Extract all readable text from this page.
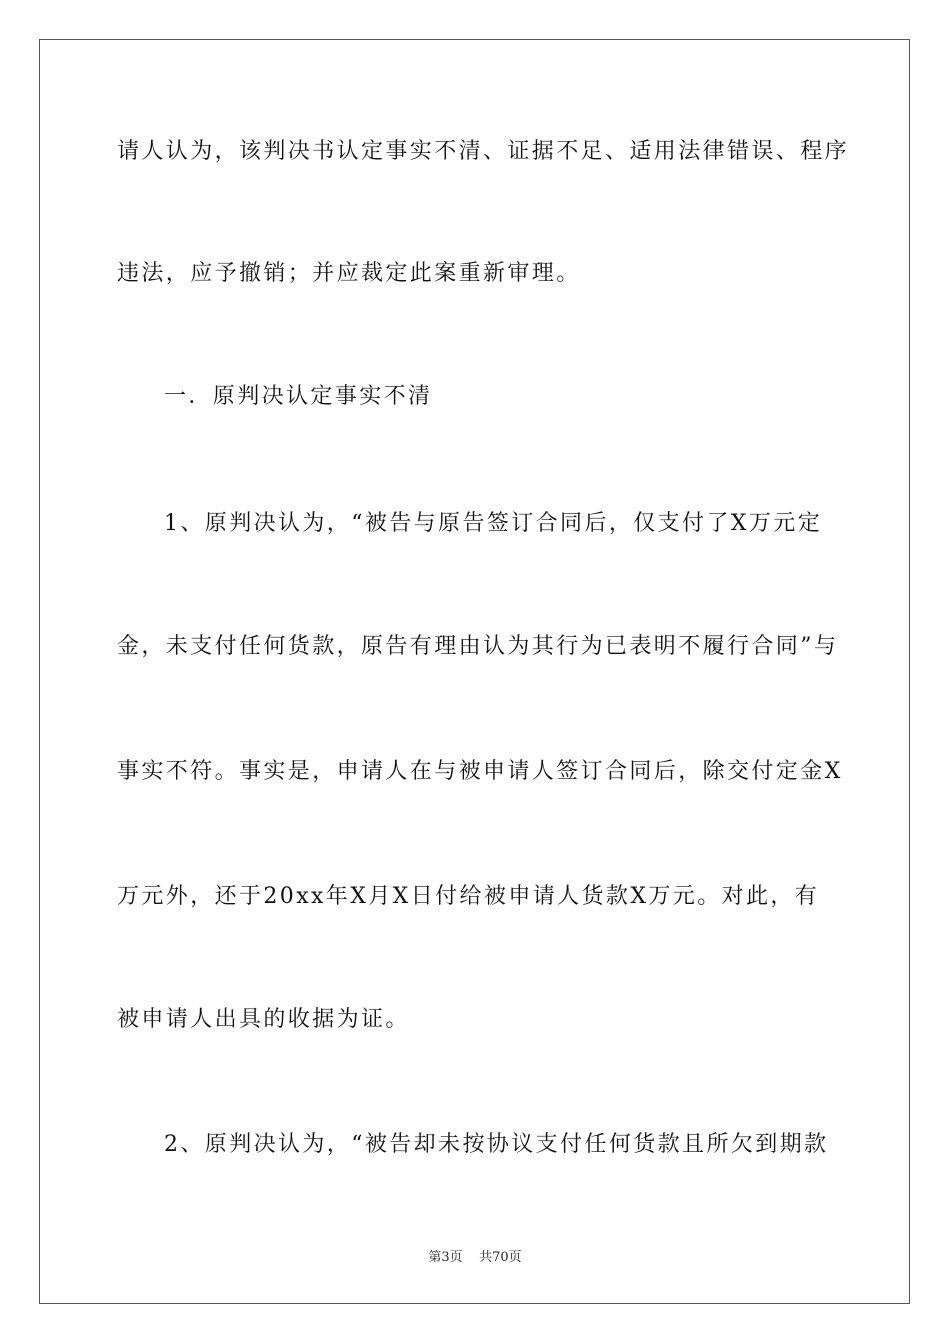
请人认为，该判决书认定事实不清、证据不足、适用法律错误、程序
违法，应予撤销；并应裁定此案重新审理。
一．原判决认定事实不清
1、原判决认为，“被告与原告签订合同后，仅支付了X万元定
金，未支付任何货款，原告有理由认为其行为已表明不履行合同”与
事实不符。事实是，申请人在与被申请人签订合同后，除交付定金X
万元外，还于20xx年X月X日付给被申请人货款X万元。对此，有
被申请人出具的收据为证。
2、原判决认为，“被告却未按协议支付任何货款且所欠到期款
第3页    共70页
